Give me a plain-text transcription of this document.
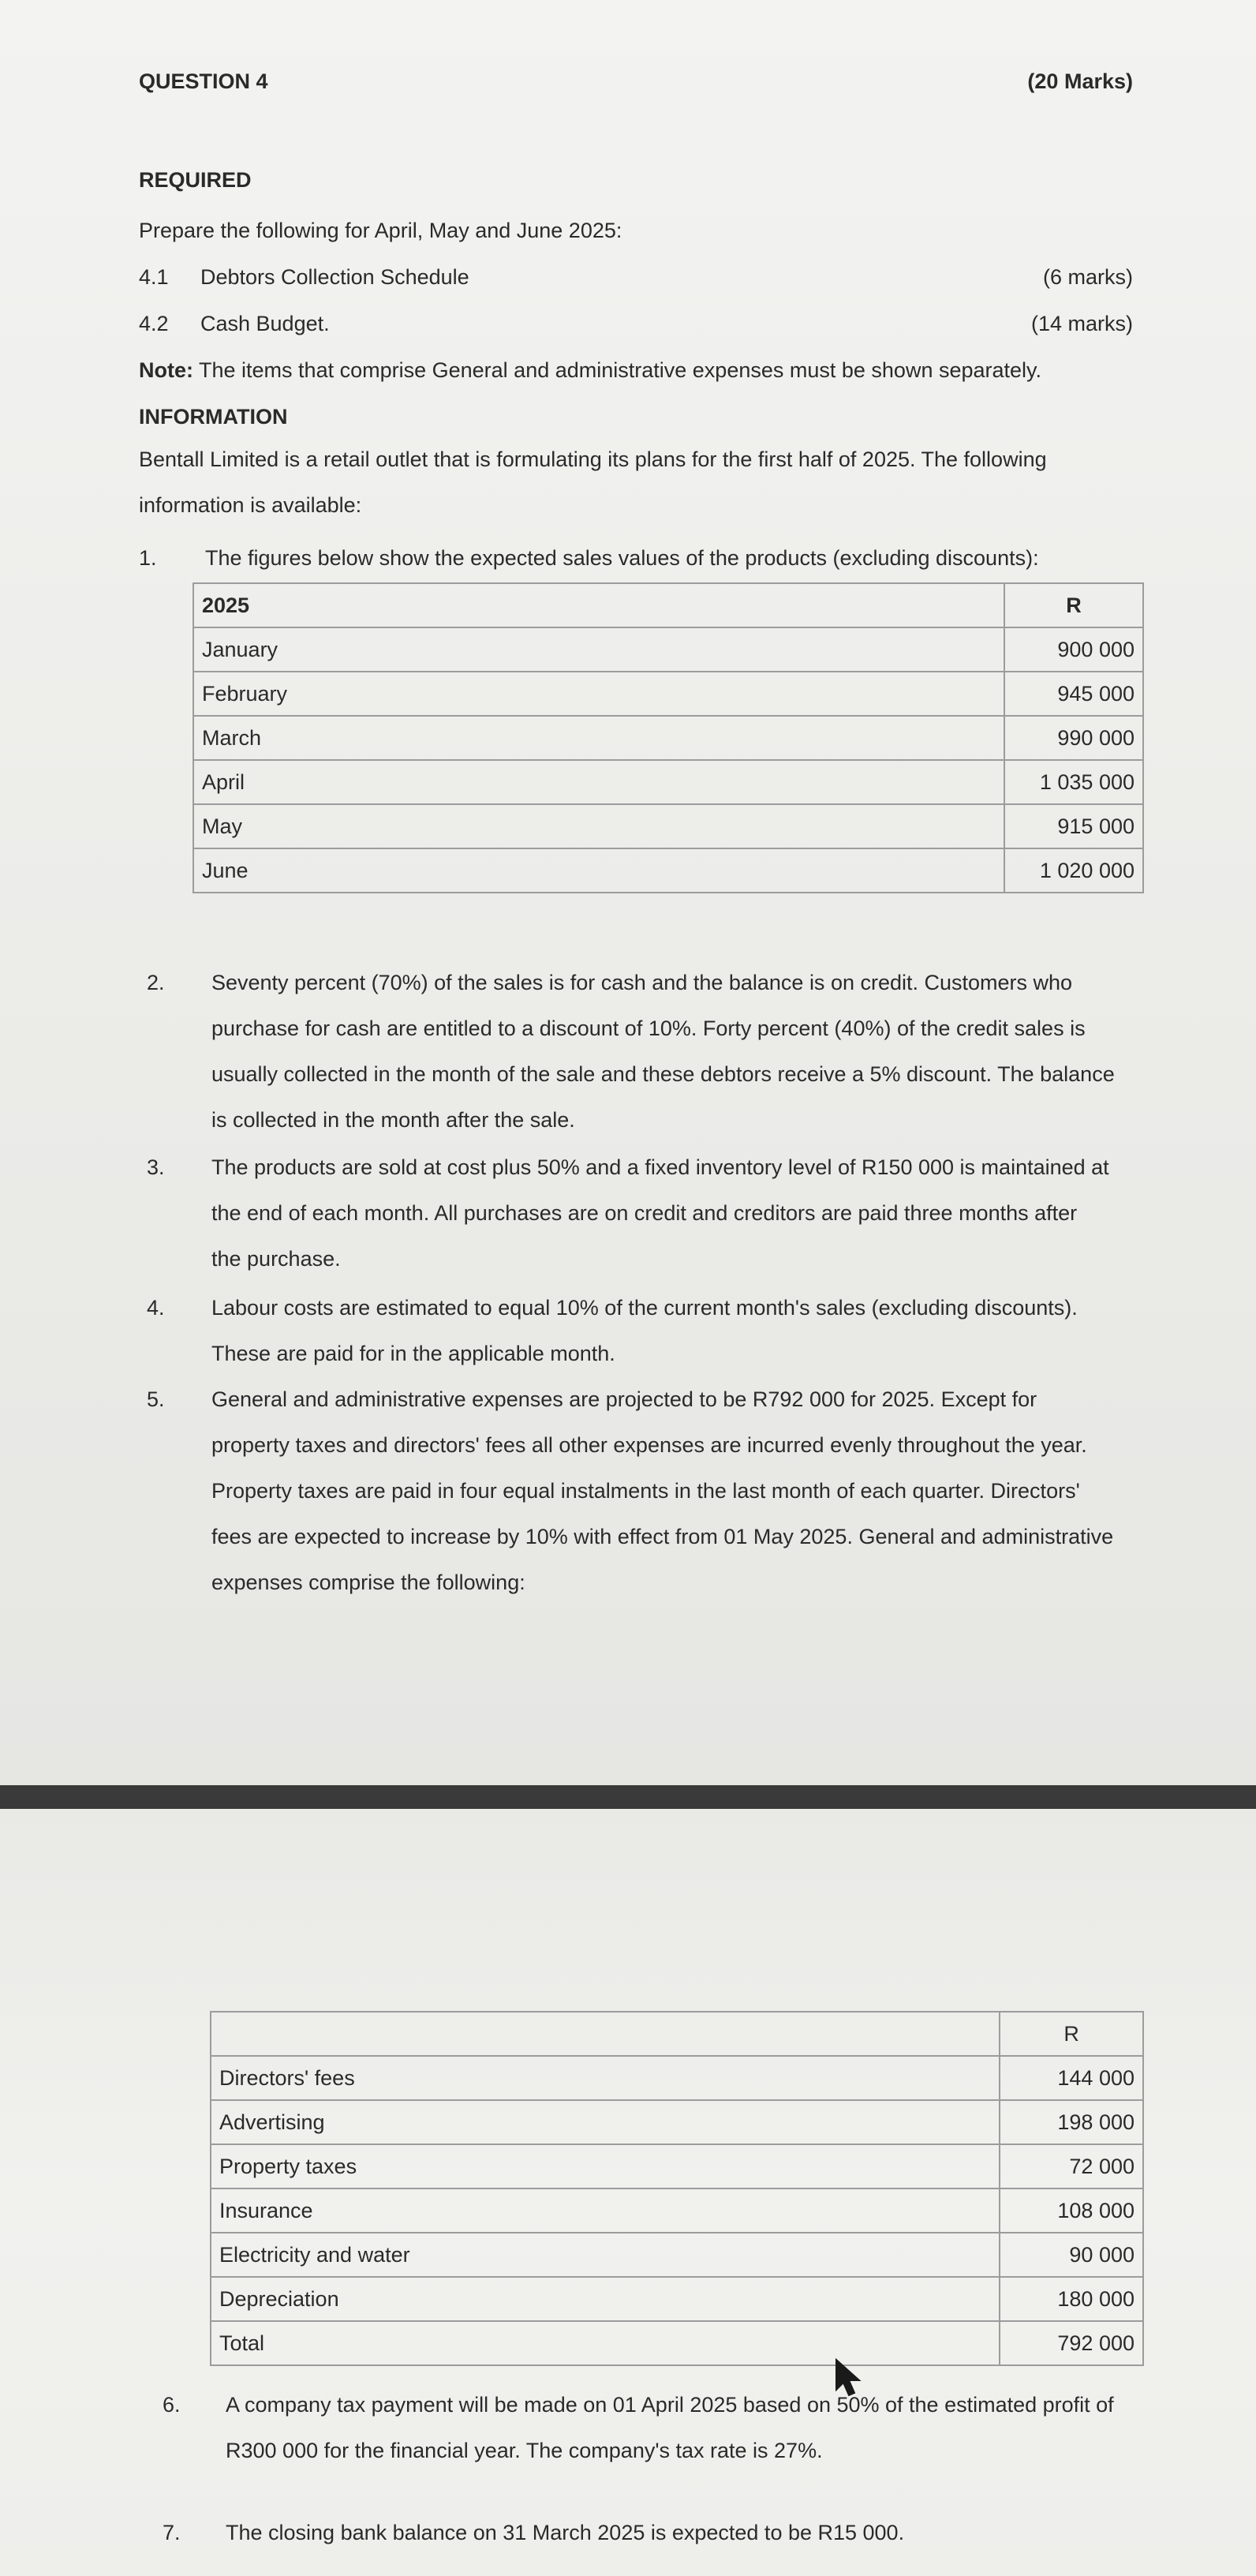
QUESTION 4	(20 Marks)
REQUIRED
Prepare the following for April, May and June 2025:
4.1 Debtors Collection Schedule	(6 marks)
4.2 Cash Budget.	(14 marks)
Note: The items that comprise General and administrative expenses must be shown separately.
INFORMATION
Bentall Limited is a retail outlet that is formulating its plans for the first half of 2025. The following
information is available:
1. The figures below show the expected sales values of the products (excluding discounts):
2025	R
January	900 000
February	945 000
March	990 000
April	1 035 000
May	915 000
June	1 020 000
2. Seventy percent (70%) of the sales is for cash and the balance is on credit. Customers who
purchase for cash are entitled to a discount of 10%. Forty percent (40%) of the credit sales is
usually collected in the month of the sale and these debtors receive a 5% discount. The balance
is collected in the month after the sale.
3. The products are sold at cost plus 50% and a fixed inventory level of R150 000 is maintained at
the end of each month. All purchases are on credit and creditors are paid three months after
the purchase.
4. Labour costs are estimated to equal 10% of the current month's sales (excluding discounts).
These are paid for in the applicable month.
5. General and administrative expenses are projected to be R792 000 for 2025. Except for
property taxes and directors' fees all other expenses are incurred evenly throughout the year.
Property taxes are paid in four equal instalments in the last month of each quarter. Directors'
fees are expected to increase by 10% with effect from 01 May 2025. General and administrative
expenses comprise the following:
	R
Directors' fees	144 000
Advertising	198 000
Property taxes	72 000
Insurance	108 000
Electricity and water	90 000
Depreciation	180 000
Total	792 000
6. A company tax payment will be made on 01 April 2025 based on 50% of the estimated profit of
R300 000 for the financial year. The company's tax rate is 27%.
7. The closing bank balance on 31 March 2025 is expected to be R15 000.
